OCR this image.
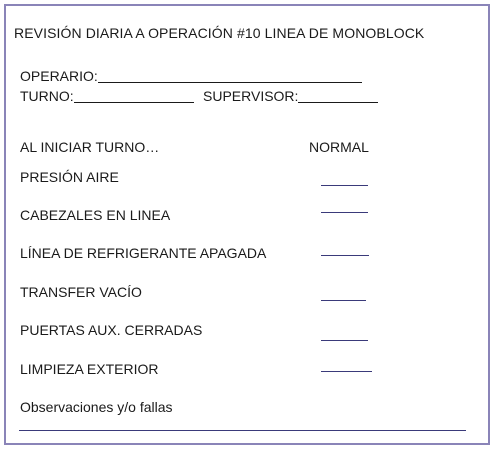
REVISIÓN DIARIA A OPERACIÓN #10 LINEA DE MONOBLOCK
OPERARIO:
TURNO:	SUPERVISOR:
AL INICIAR TURNO…	NORMAL
PRESIÓN AIRE
CABEZALES EN LINEA
LÍNEA DE REFRIGERANTE APAGADA
TRANSFER VACÍO
PUERTAS AUX. CERRADAS
LIMPIEZA EXTERIOR
Observaciones y/o fallas
